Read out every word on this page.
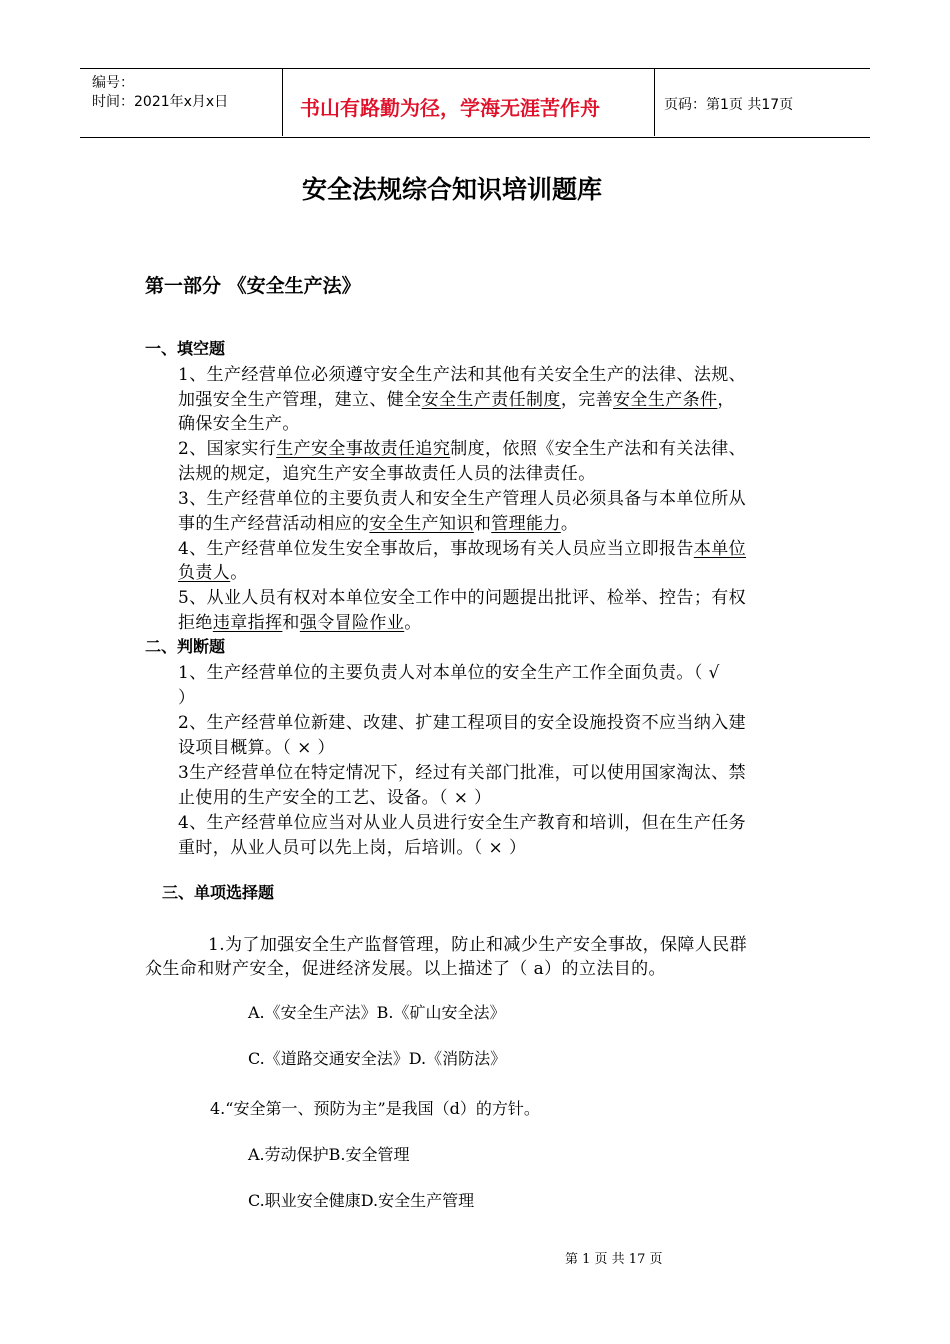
编号：
时间：2021年x月x日	书山有路勤为径，学海无涯苦作舟	页码：第1页 共17页
安全法规综合知识培训题库
第一部分 《安全生产法》
一、填空题
1、生产经营单位必须遵守安全生产法和其他有关安全生产的法律、法规、
加强安全生产管理，建立、健全安全生产责任制度，完善安全生产条件，
确保安全生产。
2、国家实行生产安全事故责任追究制度，依照《安全生产法和有关法律、
法规的规定，追究生产安全事故责任人员的法律责任。
3、生产经营单位的主要负责人和安全生产管理人员必须具备与本单位所从
事的生产经营活动相应的安全生产知识和管理能力。
4、生产经营单位发生安全事故后，事故现场有关人员应当立即报告本单位
负责人。
5、从业人员有权对本单位安全工作中的问题提出批评、检举、控告；有权
拒绝违章指挥和强令冒险作业。
二、判断题
1、生产经营单位的主要负责人对本单位的安全生产工作全面负责。（ √
）
2、生产经营单位新建、改建、扩建工程项目的安全设施投资不应当纳入建
设项目概算。（ × ）
3生产经营单位在特定情况下，经过有关部门批准，可以使用国家淘汰、禁
止使用的生产安全的工艺、设备。（ × ）
4、生产经营单位应当对从业人员进行安全生产教育和培训，但在生产任务
重时，从业人员可以先上岗，后培训。（ × ）
三、单项选择题
1.为了加强安全生产监督管理，防止和减少生产安全事故，保障人民群
众生命和财产安全，促进经济发展。以上描述了（ a）的立法目的。
A.《安全生产法》B.《矿山安全法》
C.《道路交通安全法》D.《消防法》
4.“安全第一、预防为主”是我国（d）的方针。
A.劳动保护B.安全管理
C.职业安全健康D.安全生产管理
第 1 页 共 17 页
